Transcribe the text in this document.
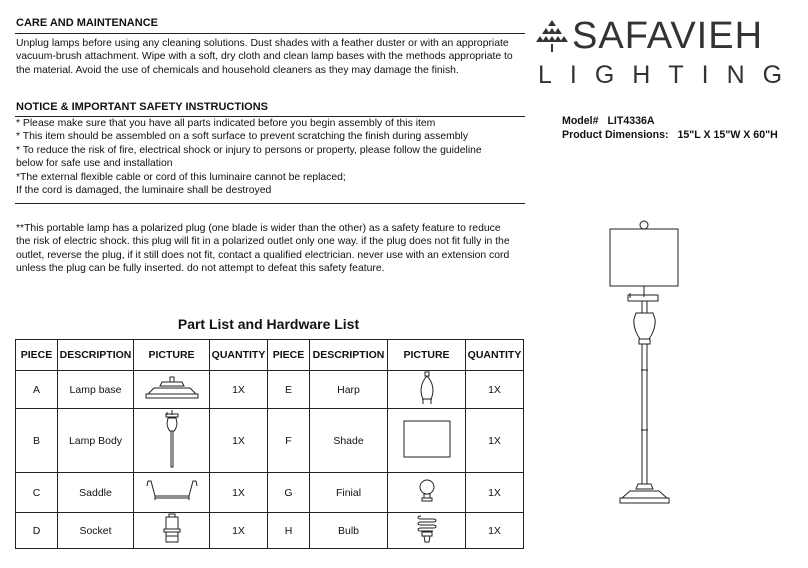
CARE AND MAINTENANCE
Unplug lamps before using any cleaning solutions. Dust shades with a feather duster or with an appropriate
vacuum-brush attachment. Wipe with a soft, dry cloth and clean lamp bases with the methods appropriate to
the material. Avoid the use of chemicals and household cleaners as they may damage the finish.
NOTICE & IMPORTANT SAFETY INSTRUCTIONS
* Please make sure that you have all parts indicated before you begin assembly of this item
* This item should be assembled on a soft surface to prevent scratching the finish during assembly
* To reduce the risk of fire, electrical shock or injury to persons or property, please follow the guideline
below for safe use and installation
*The external flexible cable or cord of this luminaire cannot be replaced;
If the cord is damaged, the luminaire shall be destroyed
**This portable lamp has a polarized plug (one blade is wider than the other) as a safety feature to reduce
the risk of electric shock. this plug will fit in a polarized outlet only one way. if the plug does not fit fully in the
outlet, reverse the plug, if it still does not fit, contact a qualified electrician. never use with an extension cord
unless the plug can be fully inserted. do not attempt to defeat this safety feature.
SAFAVIEH
LIGHTING
Model# LIT4336A
Product Dimensions: 15"L X 15"W X 60"H
Part List and Hardware List
PIECE	DESCRIPTION	PICTURE	QUANTITY	PIECE	DESCRIPTION	PICTURE	QUANTITY
A	Lamp base		1X	E	Harp		1X
B	Lamp Body		1X	F	Shade		1X
C	Saddle		1X	G	Finial		1X
D	Socket		1X	H	Bulb		1X
